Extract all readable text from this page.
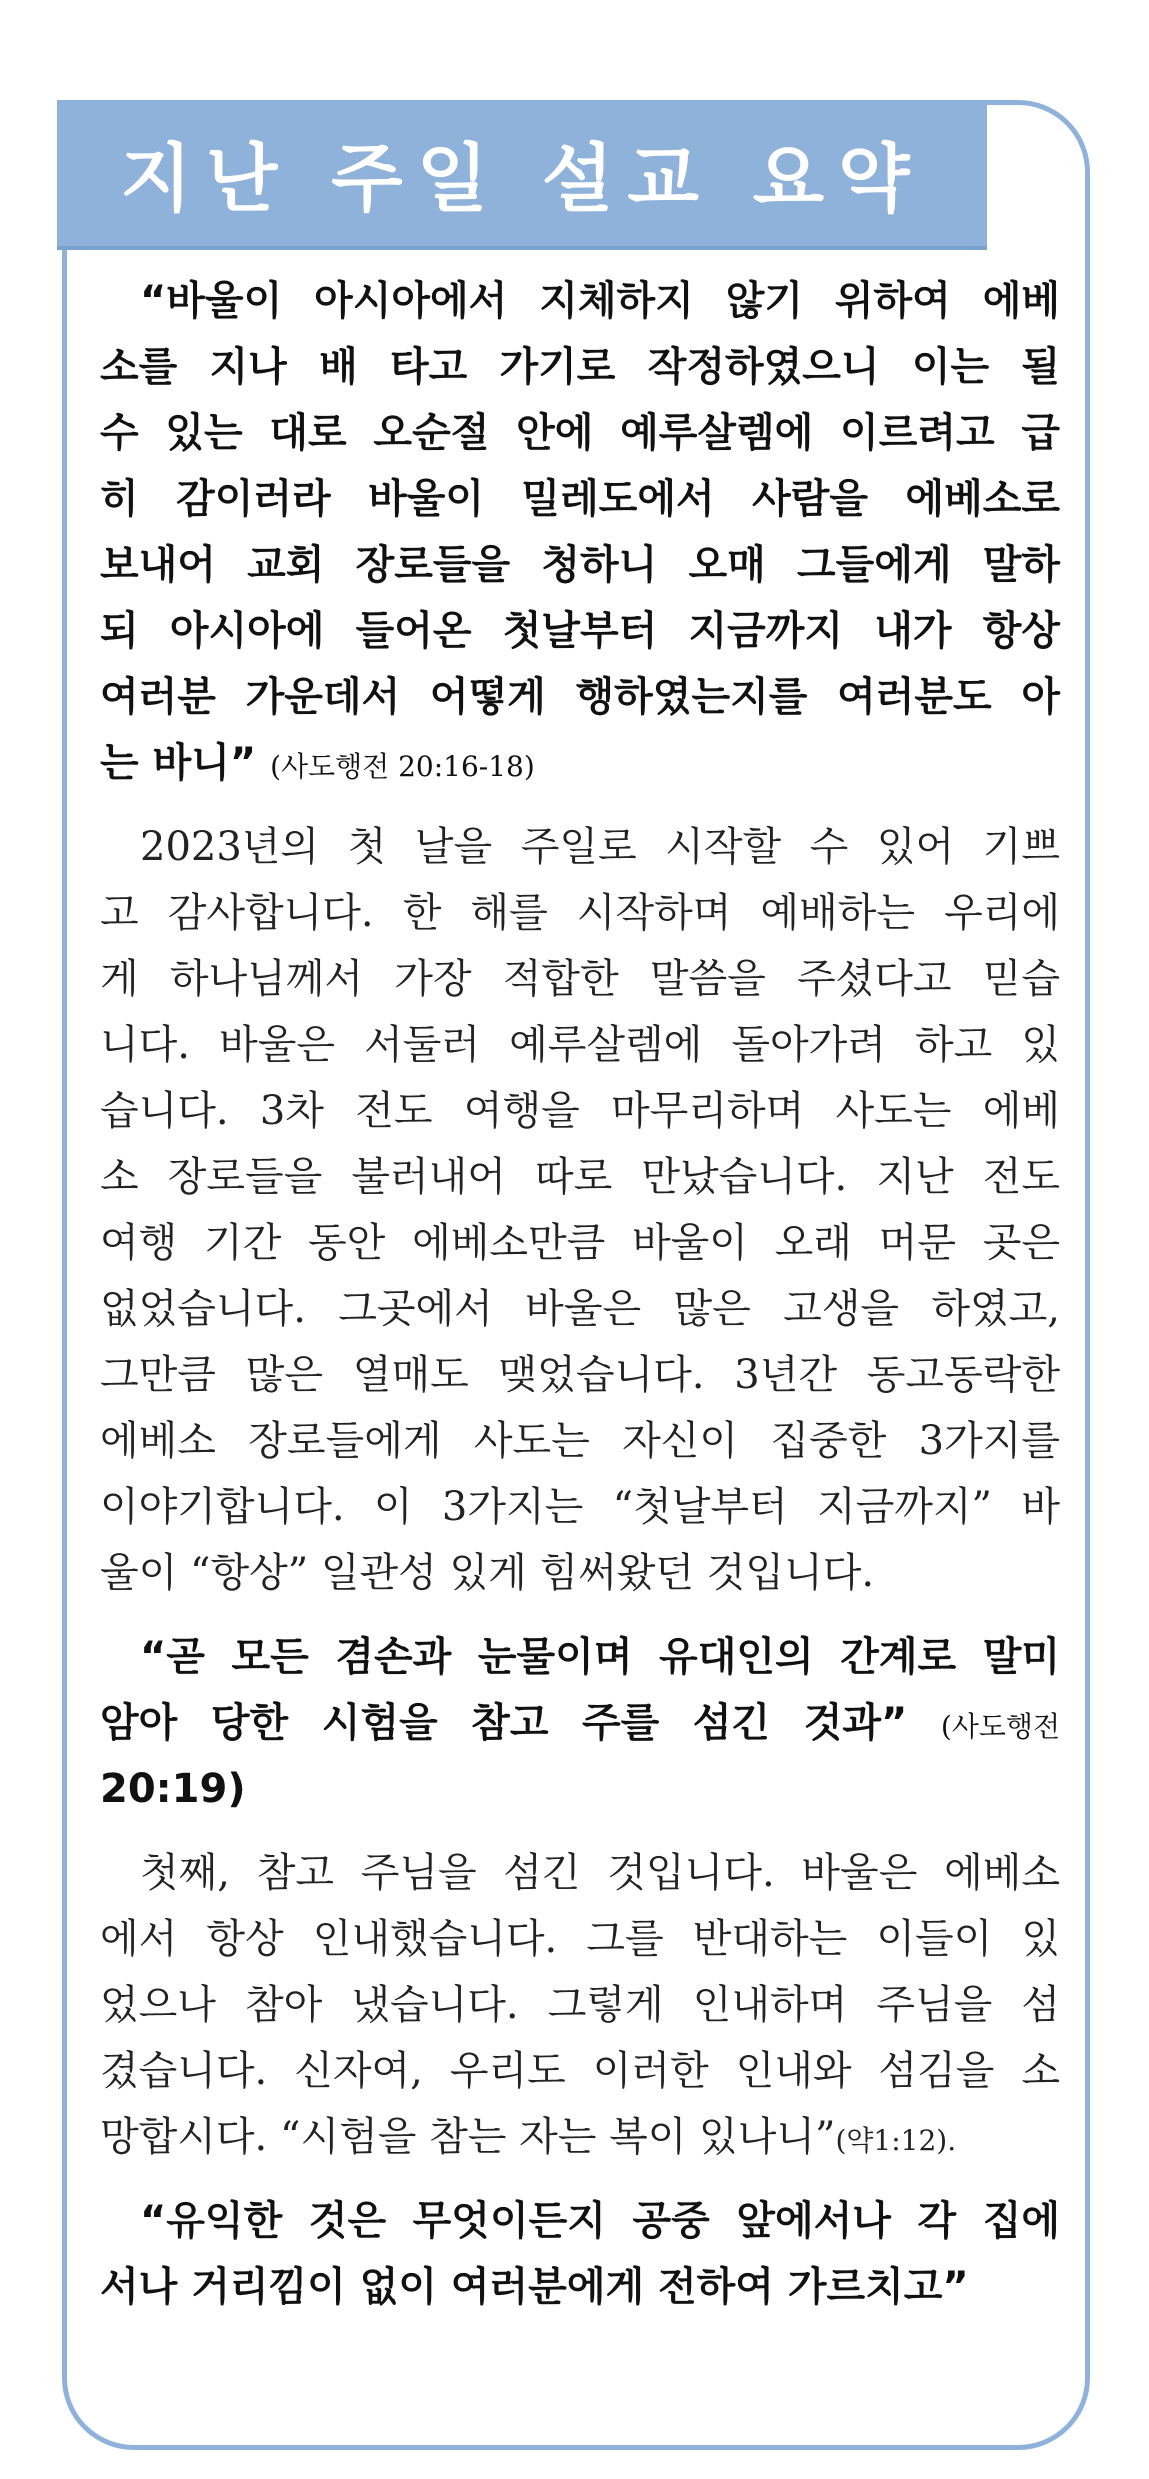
지난 주일 설교 요약
“바울이 아시아에서 지체하지 않기 위하여 에베
소를 지나 배 타고 가기로 작정하였으니 이는 될
수 있는 대로 오순절 안에 예루살렘에 이르려고 급
히 감이러라 바울이 밀레도에서 사람을 에베소로
보내어 교회 장로들을 청하니 오매 그들에게 말하
되 아시아에 들어온 첫날부터 지금까지 내가 항상
여러분 가운데서 어떻게 행하였는지를 여러분도 아
는 바니” (사도행전 20:16-18)
2023년의 첫 날을 주일로 시작할 수 있어 기쁘
고 감사합니다. 한 해를 시작하며 예배하는 우리에
게 하나님께서 가장 적합한 말씀을 주셨다고 믿습
니다. 바울은 서둘러 예루살렘에 돌아가려 하고 있
습니다. 3차 전도 여행을 마무리하며 사도는 에베
소 장로들을 불러내어 따로 만났습니다. 지난 전도
여행 기간 동안 에베소만큼 바울이 오래 머문 곳은
없었습니다. 그곳에서 바울은 많은 고생을 하였고,
그만큼 많은 열매도 맺었습니다. 3년간 동고동락한
에베소 장로들에게 사도는 자신이 집중한 3가지를
이야기합니다. 이 3가지는 “첫날부터 지금까지” 바
울이 “항상” 일관성 있게 힘써왔던 것입니다.
“곧 모든 겸손과 눈물이며 유대인의 간계로 말미
암아 당한 시험을 참고 주를 섬긴 것과” (사도행전
20:19)
첫째, 참고 주님을 섬긴 것입니다. 바울은 에베소
에서 항상 인내했습니다. 그를 반대하는 이들이 있
었으나 참아 냈습니다. 그렇게 인내하며 주님을 섬
겼습니다. 신자여, 우리도 이러한 인내와 섬김을 소
망합시다. “시험을 참는 자는 복이 있나니”(약1:12).
“유익한 것은 무엇이든지 공중 앞에서나 각 집에
서나 거리낌이 없이 여러분에게 전하여 가르치고”
